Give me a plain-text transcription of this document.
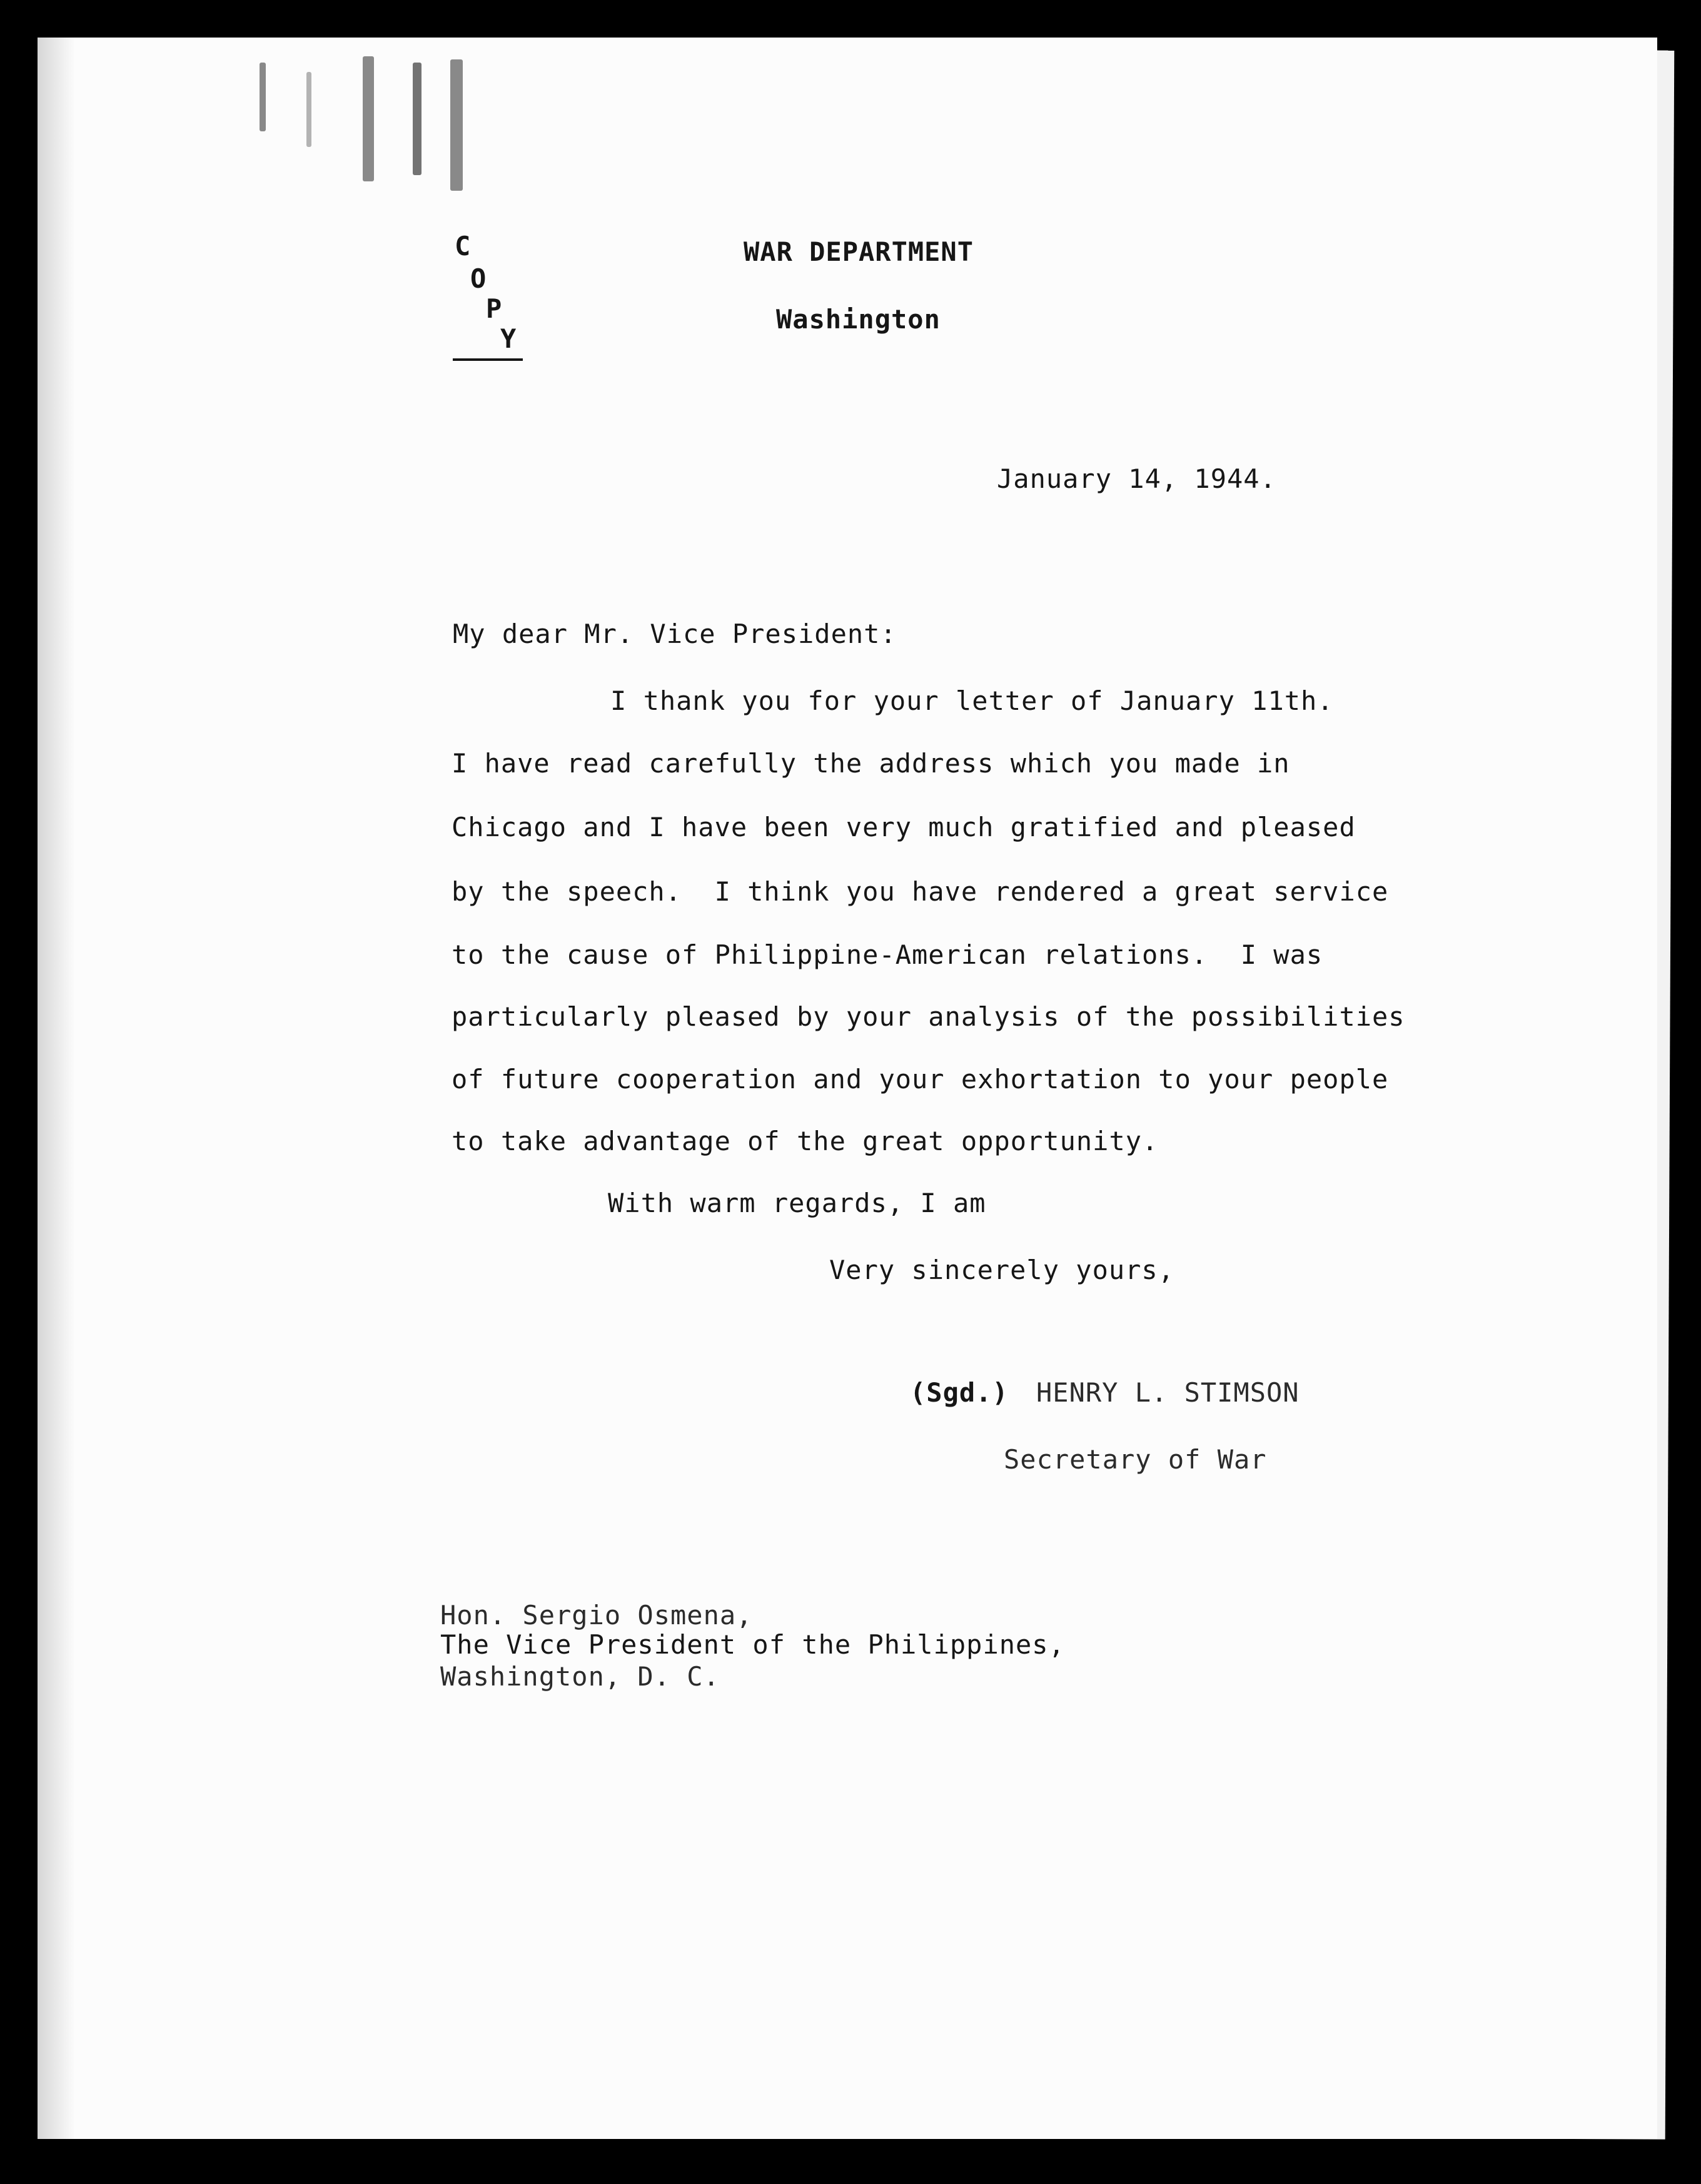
C
O
P
Y
WAR DEPARTMENT
Washington
January 14, 1944.
My dear Mr. Vice President:
I thank you for your letter of January 11th.
I have read carefully the address which you made in
Chicago and I have been very much gratified and pleased
by the speech.  I think you have rendered a great service
to the cause of Philippine-American relations.  I was
particularly pleased by your analysis of the possibilities
of future cooperation and your exhortation to your people
to take advantage of the great opportunity.
With warm regards, I am
Very sincerely yours,
(Sgd.) HENRY L. STIMSON
Secretary of War
Hon. Sergio Osmena,
The Vice President of the Philippines,
Washington, D. C.
